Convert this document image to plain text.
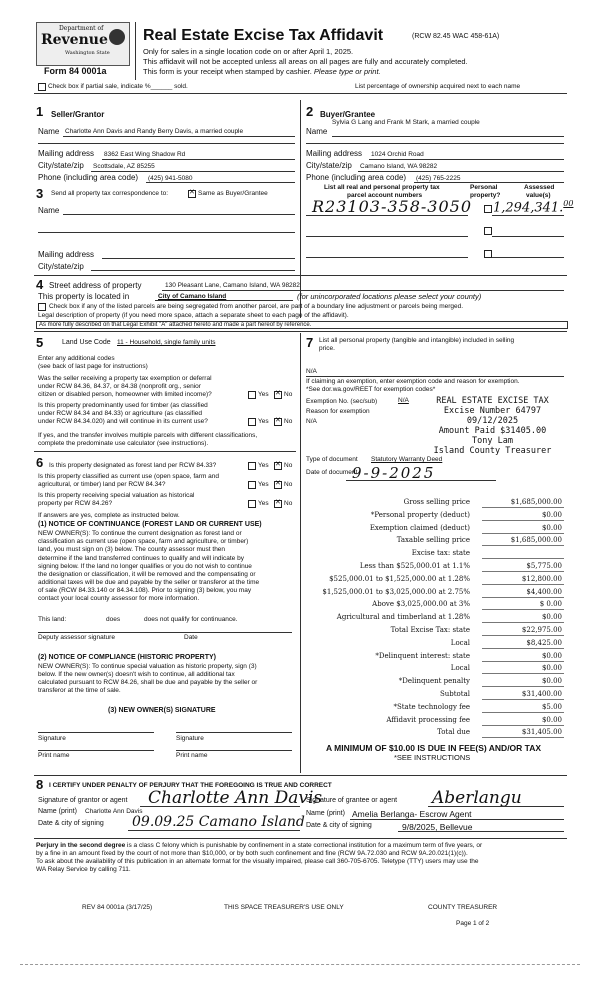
Department of
Revenue
Washington State
Form 84 0001a
Real Estate Excise Tax Affidavit	(RCW 82.45 WAC 458-61A)
Only for sales in a single location code on or after April 1, 2025.
This affidavit will not be accepted unless all areas on all pages are fully and accurately completed.
This form is your receipt when stamped by cashier. Please type or print.
Check box if partial sale, indicate %______ sold.	List percentage of ownership acquired next to each name
1 Seller/Grantor
Name Charlotte Ann Davis and Randy Berry Davis, a married couple
Mailing address 8362 East Wing Shadow Rd
City/state/zip Scottsdale, AZ 85255
Phone (including area code) (425) 941-5080
2 Buyer/Grantee
Sylvia G Lang and Frank M Stark, a married couple
Name
Mailing address 1024 Orchid Road
City/state/zip Camano Island, WA 98282
Phone (including area code) (425) 765-2225
3 Send all property tax correspondence to: ✕	Same as Buyer/Grantee
Name
Mailing address
City/state/zip
List all real and personal property tax
parcel account numbers
Personal
property?
Assessed
value(s)
R23103-358-3050 1,294,341.00
4 Street address of property	130 Pleasant Lane, Camano Island, WA 98282
This property is located in	City of Camano Island	(for unincorporated locations please select your county)
Check box if any of the listed parcels are being segregated from another parcel, are part of a boundary line adjustment or parcels being merged.
Legal description of property (if you need more space, attach a separate sheet to each page of the affidavit).
As more fully described on that Legal Exhibit "A" attached hereto and made a part hereof by reference.
5	Land Use Code 11 - Household, single family units
Enter any additional codes
(see back of last page for instructions)
Was the seller receiving a property tax exemption or deferral
under RCW 84.36, 84.37, or 84.38 (nonprofit org., senior
citizen or disabled person, homeowner with limited income)?	Yes ✕ No
Is this property predominantly used for timber (as classified
under RCW 84.34 and 84.33) or agriculture (as classified
under RCW 84.34.020) and will continue in its current use?	Yes ✕ No
If yes, and the transfer involves multiple parcels with different classifications,
complete the predominate use calculator (see instructions).
6 Is this property designated as forest land per RCW 84.33?	Yes ✕ No
Is this property classified as current use (open space, farm and
agricultural, or timber) land per RCW 84.34?	Yes ✕ No
Is this property receiving special valuation as historical
property per RCW 84.26?	Yes ✕ No
If answers are yes, complete as instructed below.
(1) NOTICE OF CONTINUANCE (FOREST LAND OR CURRENT USE)
NEW OWNER(S): To continue the current designation as forest land or
classification as current use (open space, farm and agriculture, or timber)
land, you must sign on (3) below. The county assessor must then
determine if the land transferred continues to qualify and will indicate by
signing below. If the land no longer qualifies or you do not wish to continue
the designation or classification, it will be removed and the compensating or
additional taxes will be due and payable by the seller or transferor at the time
of sale (RCW 84.33.140 or 84.34.108). Prior to signing (3) below, you may
contact your local county assessor for more information.
This land:	does	does not qualify for continuance.
Deputy assessor signature	Date
(2) NOTICE OF COMPLIANCE (HISTORIC PROPERTY)
NEW OWNER(S): To continue special valuation as historic property, sign (3)
below. If the new owner(s) doesn't wish to continue, all additional tax
calculated pursuant to RCW 84.26, shall be due and payable by the seller or
transferor at the time of sale.
(3) NEW OWNER(S) SIGNATURE
Signature	Signature
Print name	Print name
7 List all personal property (tangible and intangible) included in selling
price.
N/A
If claiming an exemption, enter exemption code and reason for exemption.
*See dor.wa.gov/REET for exemption codes*
Exemption No. (sec/sub)	N/A
Reason for exemption
N/A
REAL ESTATE EXCISE TAX
Excise Number 64797
09/12/2025
Amount Paid $31405.00
Tony Lam
Island County Treasurer
Type of document Statutory Warranty Deed
Date of document
9-9-2025
Gross selling price	$1,685,000.00
*Personal property (deduct)	$0.00
Exemption claimed (deduct)	$0.00
Taxable selling price	$1,685,000.00
Excise tax: state
Less than $525,000.01 at 1.1%	$5,775.00
$525,000.01 to $1,525,000.00 at 1.28%	$12,800.00
$1,525,000.01 to $3,025,000.00 at 2.75%	$4,400.00
Above $3,025,000.00 at 3%	$ 0.00
Agricultural and timberland at 1.28%	$0.00
Total Excise Tax: state	$22,975.00
Local	$8,425.00
*Delinquent interest: state	$0.00
Local	$0.00
*Delinquent penalty	$0.00
Subtotal	$31,400.00
*State technology fee	$5.00
Affidavit processing fee	$0.00
Total due	$31,405.00
A MINIMUM OF $10.00 IS DUE IN FEE(S) AND/OR TAX
*SEE INSTRUCTIONS
8 I CERTIFY UNDER PENALTY OF PERJURY THAT THE FOREGOING IS TRUE AND CORRECT
Signature of grantor or agent Charlotte Ann Davis
Signature of grantee or agent Aberlangu
Name (print) Charlotte Ann Davis	Name (print) Amelia Berlanga- Escrow Agent
Date & city of signing 09.09.25 Camano Island Date & city of signing	9/8/2025, Bellevue
Perjury in the second degree is a class C felony which is punishable by confinement in a state correctional institution for a maximum term of five years, or
by a fine in an amount fixed by the court of not more than $10,000, or by both such confinement and fine (RCW 9A.72.030 and RCW 9A.20.021(1)(c)).
To ask about the availability of this publication in an alternate format for the visually impaired, please call 360-705-6705. Teletype (TTY) users may use the
WA Relay Service by calling 711.
REV 84 0001a (3/17/25)	THIS SPACE TREASURER'S USE ONLY	COUNTY TREASURER
Page 1 of 2
